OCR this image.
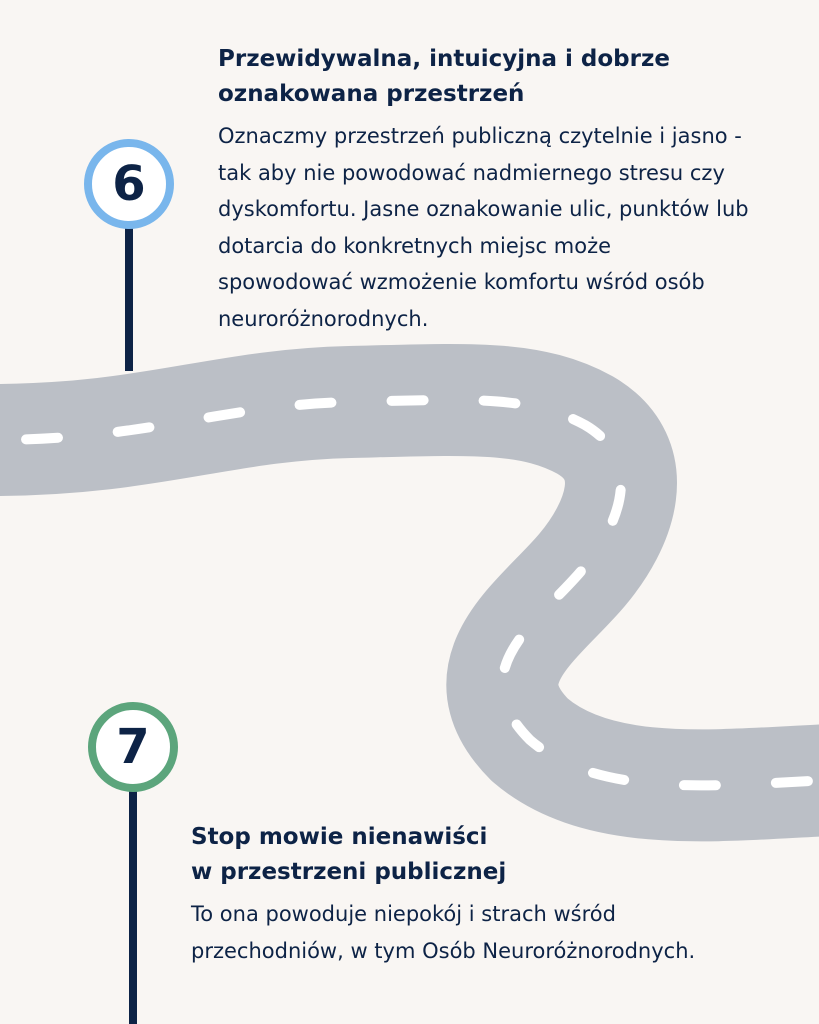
6
Przewidywalna, intuicyjna i dobrze
oznakowana przestrzeń

Oznaczmy przestrzeń publiczną czytelnie i jasno -
tak aby nie powodować nadmiernego stresu czy
dyskomfortu. Jasne oznakowanie ulic, punktów lub
dotarcia do konkretnych miejsc może
spowodować wzmożenie komfortu wśród osób
neuroróżnorodnych.

7
Stop mowie nienawiści
w przestrzeni publicznej

To ona powoduje niepokój i strach wśród
przechodniów, w tym Osób Neuroróżnorodnych.
